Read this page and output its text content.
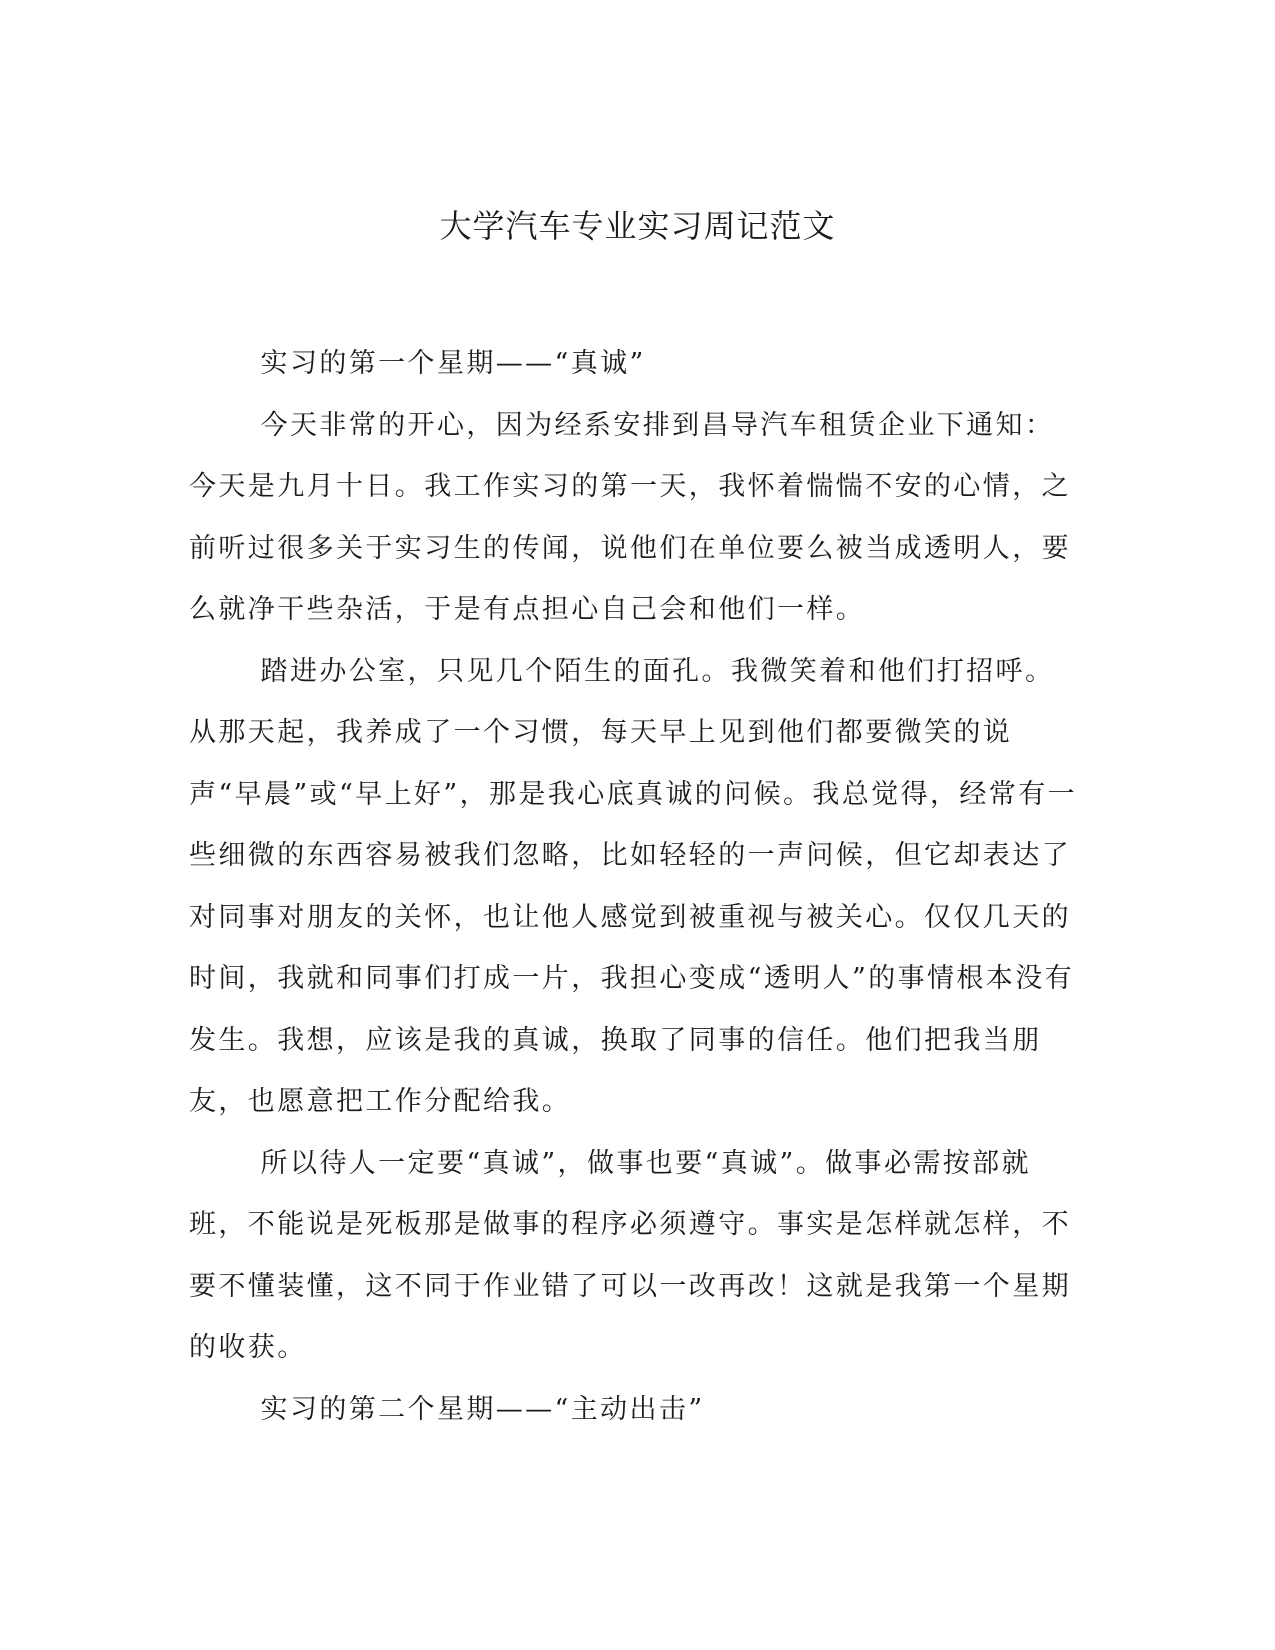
大学汽车专业实习周记范文

实习的第一个星期——“真诚”

今天非常的开心，因为经系安排到昌导汽车租赁企业下通知：今天是九月十日。我工作实习的第一天，我怀着惴惴不安的心情，之前听过很多关于实习生的传闻，说他们在单位要么被当成透明人，要么就净干些杂活，于是有点担心自己会和他们一样。

踏进办公室，只见几个陌生的面孔。我微笑着和他们打招呼。从那天起，我养成了一个习惯，每天早上见到他们都要微笑的说声“早晨”或“早上好”，那是我心底真诚的问候。我总觉得，经常有一些细微的东西容易被我们忽略，比如轻轻的一声问候，但它却表达了对同事对朋友的关怀，也让他人感觉到被重视与被关心。仅仅几天的时间，我就和同事们打成一片，我担心变成“透明人”的事情根本没有发生。我想，应该是我的真诚，换取了同事的信任。他们把我当朋友，也愿意把工作分配给我。

所以待人一定要“真诚”，做事也要“真诚”。做事必需按部就班，不能说是死板那是做事的程序必须遵守。事实是怎样就怎样，不要不懂装懂，这不同于作业错了可以一改再改！这就是我第一个星期的收获。

实习的第二个星期——“主动出击”
